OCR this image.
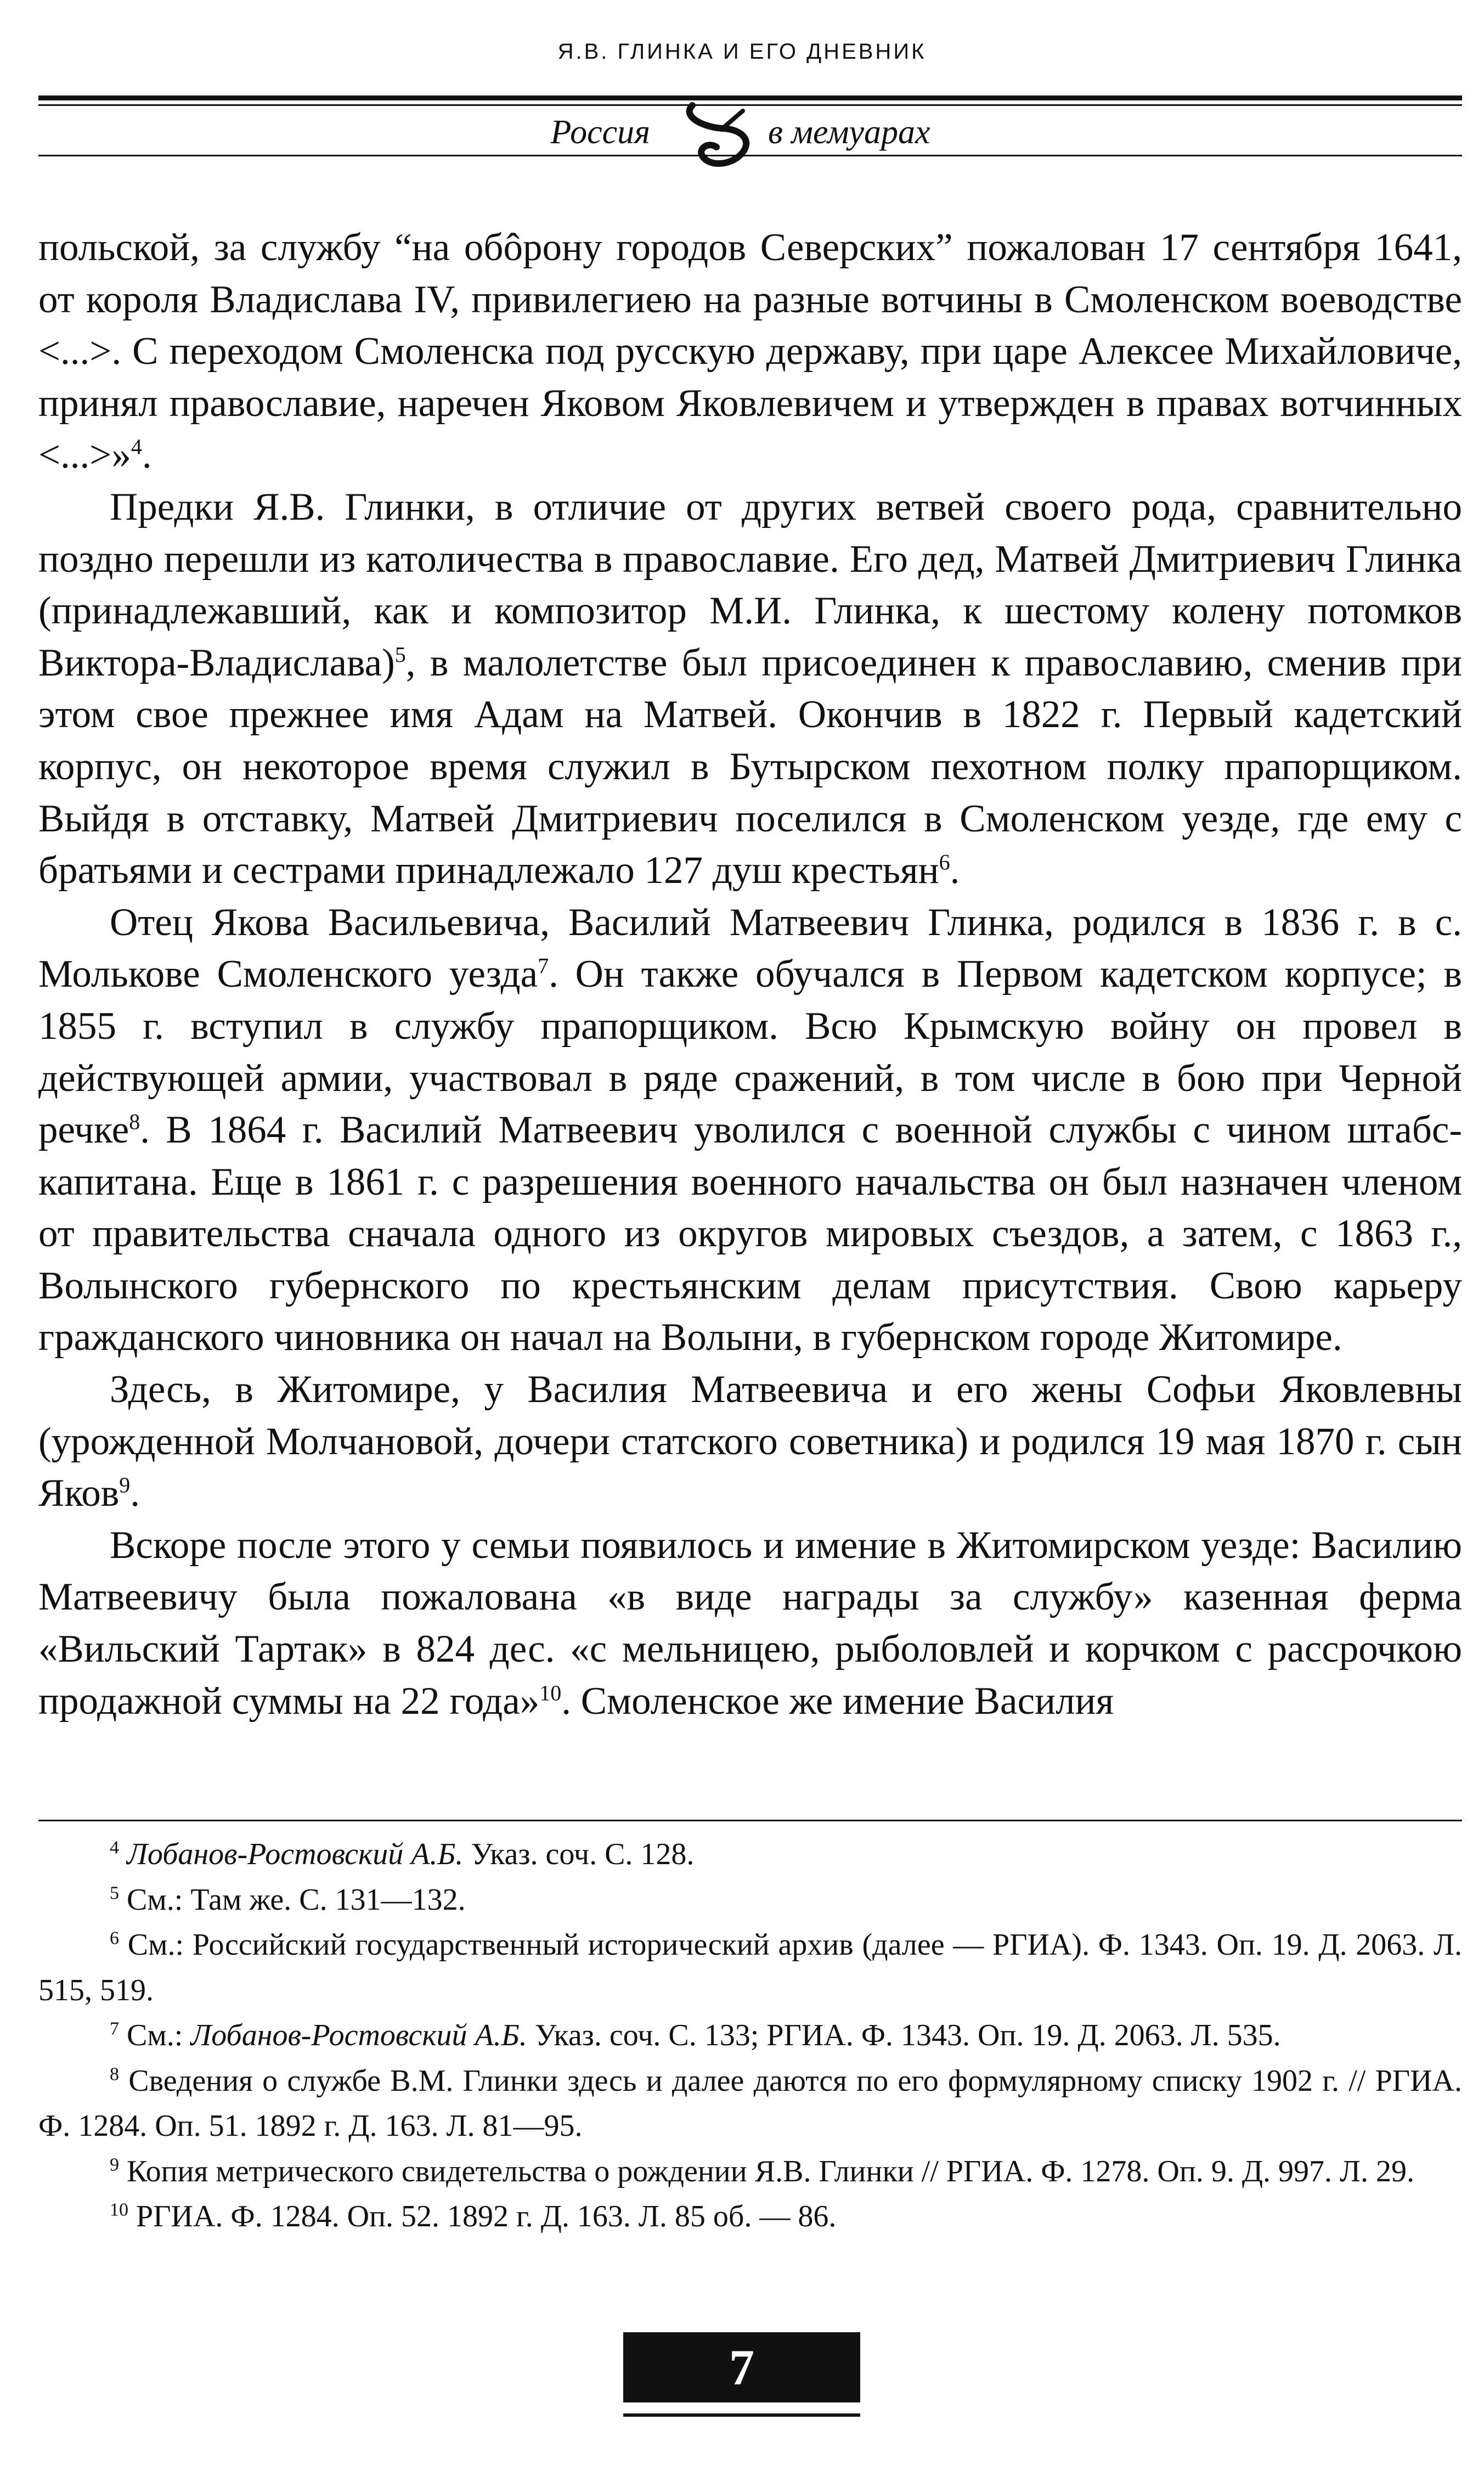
Я.В. ГЛИНКА И ЕГО ДНЕВНИК
Россия	в мемуарах

польской, за службу “на обôрону городов Северских” пожалован 17 сентября 1641, от короля Владислава IV, привилегиею на разные вотчины в Смоленском воеводстве <...>. С переходом Смоленска под русскую державу, при царе Алексее Михайловиче, принял православие, наречен Яковом Яковлевичем и утвержден в правах вотчинных <...>»$^4$.

Предки Я.В. Глинки, в отличие от других ветвей своего рода, сравнительно поздно перешли из католичества в православие. Его дед, Матвей Дмитриевич Глинка (принадлежавший, как и композитор М.И. Глинка, к шестому колену потомков Виктора-Владислава)$^5$, в малолетстве был присоединен к православию, сменив при этом свое прежнее имя Адам на Матвей. Окончив в 1822 г. Первый кадетский корпус, он некоторое время служил в Бутырском пехотном полку прапорщиком. Выйдя в отставку, Матвей Дмитриевич поселился в Смоленском уезде, где ему с братьями и сестрами принадлежало 127 душ крестьян$^6$.

Отец Якова Васильевича, Василий Матвеевич Глинка, родился в 1836 г. в с. Молькове Смоленского уезда$^7$. Он также обучался в Первом кадетском корпусе; в 1855 г. вступил в службу прапорщиком. Всю Крымскую войну он провел в действующей армии, участвовал в ряде сражений, в том числе в бою при Черной речке$^8$. В 1864 г. Василий Матвеевич уволился с военной службы с чином штабс-капитана. Еще в 1861 г. с разрешения военного начальства он был назначен членом от правительства сначала одного из округов мировых съездов, а затем, с 1863 г., Волынского губернского по крестьянским делам присутствия. Свою карьеру гражданского чиновника он начал на Волыни, в губернском городе Житомире.

Здесь, в Житомире, у Василия Матвеевича и его жены Софьи Яковлевны (урожденной Молчановой, дочери статского советника) и родился 19 мая 1870 г. сын Яков$^9$.

Вскоре после этого у семьи появилось и имение в Житомирском уезде: Василию Матвеевичу была пожалована «в виде награды за службу» казенная ферма «Вильский Тартак» в 824 дес. «с мельницею, рыболовлей и корчком с рассрочкою продажной суммы на 22 года»$^{10}$. Смоленское же имение Василия

$^4$ Лобанов-Ростовский А.Б. Указ. соч. С. 128.

$^5$ См.: Там же. С. 131—132.

$^6$ См.: Российский государственный исторический архив (далее — РГИА). Ф. 1343. Оп. 19. Д. 2063. Л. 515, 519.

$^7$ См.: Лобанов-Ростовский А.Б. Указ. соч. С. 133; РГИА. Ф. 1343. Оп. 19. Д. 2063. Л. 535.

$^8$ Сведения о службе В.М. Глинки здесь и далее даются по его формулярному списку 1902 г. // РГИА. Ф. 1284. Оп. 51. 1892 г. Д. 163. Л. 81—95.

$^9$ Копия метрического свидетельства о рождении Я.В. Глинки // РГИА. Ф. 1278. Оп. 9. Д. 997. Л. 29.

$^{10}$ РГИА. Ф. 1284. Оп. 52. 1892 г. Д. 163. Л. 85 об. — 86.

7
